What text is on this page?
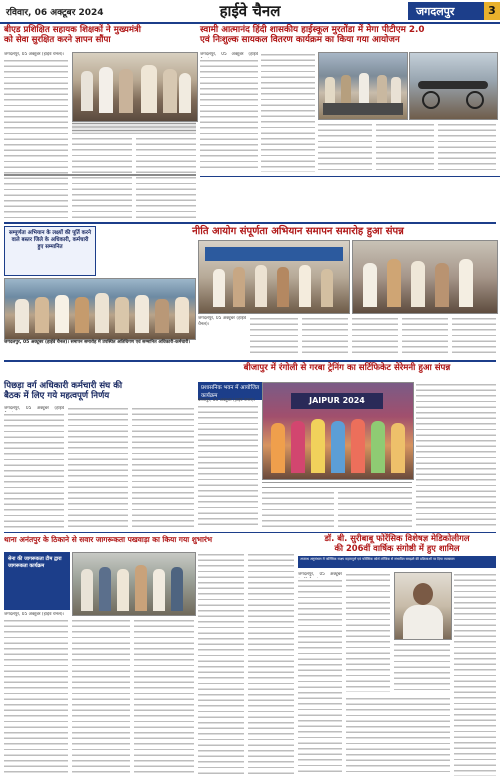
रविवार, 06 अक्टूबर 2024	हाईवे चैनल	जगदलपुर	3
बीएड प्रशिक्षित सहायक शिक्षकों ने मुख्यमंत्री
को सेवा सुरक्षित करने ज्ञापन सौंपा
स्वामी आत्मानंद हिंदी शासकीय हाईस्कूल मुरतोंडा में मेगा पीटीएम 2.0
एवं निःशुल्क सायकल वितरण कार्यक्रम का किया गया आयोजन
जगदलपुर, 05 अक्टूबर (हाईवे चैनल)।	जगदलपुर, 05 अक्टूबर (हाईवे
नीति आयोग संपूर्णता अभियान समापन समारोह हुआ संपन्न
सम्पूर्णता अभियान के लक्ष्यों की पूर्ति करने वाले बस्तर जिले के अधिकारी, कर्मचारी हुए सम्मानित
जगदलपुर, 05 अक्टूबर (हाईवे चैनल)। समापन समारोह में उपस्थित अतिथिगण एवं सम्मानित अधिकारी-कर्मचारी।
जगदलपुर, 05 अक्टूबर (हाईवे चैनल)।
बीजापुर में रंगोली से गरबा ट्रेनिंग का सर्टिफिकेट सेरेमनी हुआ संपन्न
प्रशासनिक भवन में आयोजित कार्यक्रम
बीजापुर, 05 अक्टूबर (हाईवे चैनल)।	JAIPUR 2024
पिछड़ा वर्ग अधिकारी कर्मचारी संघ की
बैठक में लिए गये महत्वपूर्ण निर्णय
जगदलपुर, 05 अक्टूबर (हाईवे
थाना अनंतपुर के ठिकाने से सवार जागरूकता पखवाड़ा का किया गया शुभारंभ
सेना की जागरूकता टीम द्वारा जागरूकता कार्यक्रम
जगदलपुर, 05 अक्टूबर (हाईवे चैनल)।
डॉ. बी. सुरीबाबू फोरेंसिक विशेषज्ञ मेडिकोलीगल
की 206वीं वार्षिक संगोष्ठी में हुए शामिल
अपराध अनुसंधान में फोरेंसिक साक्ष्य महत्वपूर्ण एवं फोरेंसिक कोर्स लॉजिक से संभावित समझने की प्रक्रियाओं पर दिया व्याख्यान
जगदलपुर, 05 अक्टूबर
